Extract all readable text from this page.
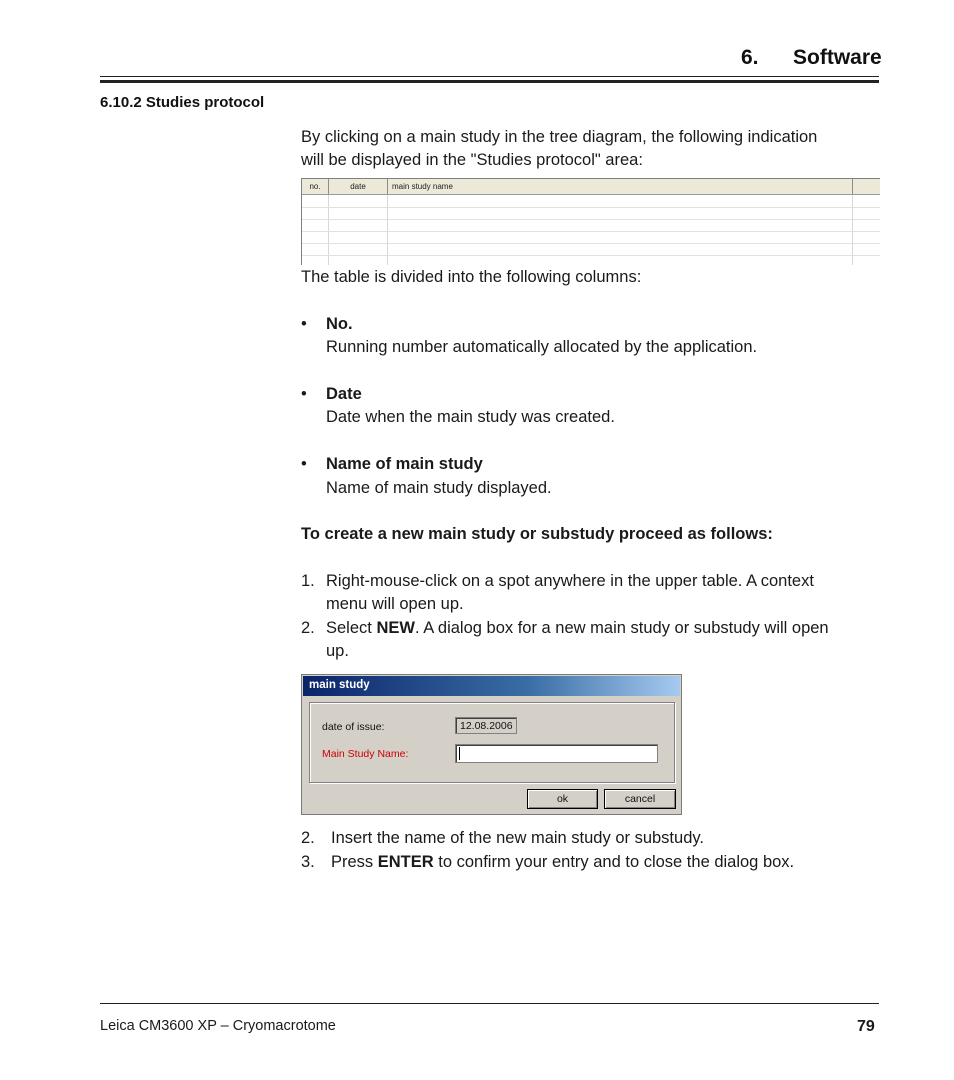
6. Software
6.10.2 Studies protocol
By clicking on a main study in the tree diagram, the following indication
will be displayed in the "Studies protocol" area:
no.	date	main study name
The table is divided into the following columns:
• No.
Running number automatically allocated by the application.
• Date
Date when the main study was created.
• Name of main study
Name of main study displayed.
To create a new main study or substudy proceed as follows:
1. Right-mouse-click on a spot anywhere in the upper table. A context
menu will open up.
2. Select NEW. A dialog box for a new main study or substudy will open
up.
main study
date of issue:	12.08.2006
Main Study Name:
ok	cancel
2. Insert the name of the new main study or substudy.
3. Press ENTER to confirm your entry and to close the dialog box.
Leica CM3600 XP – Cryomacrotome	79
